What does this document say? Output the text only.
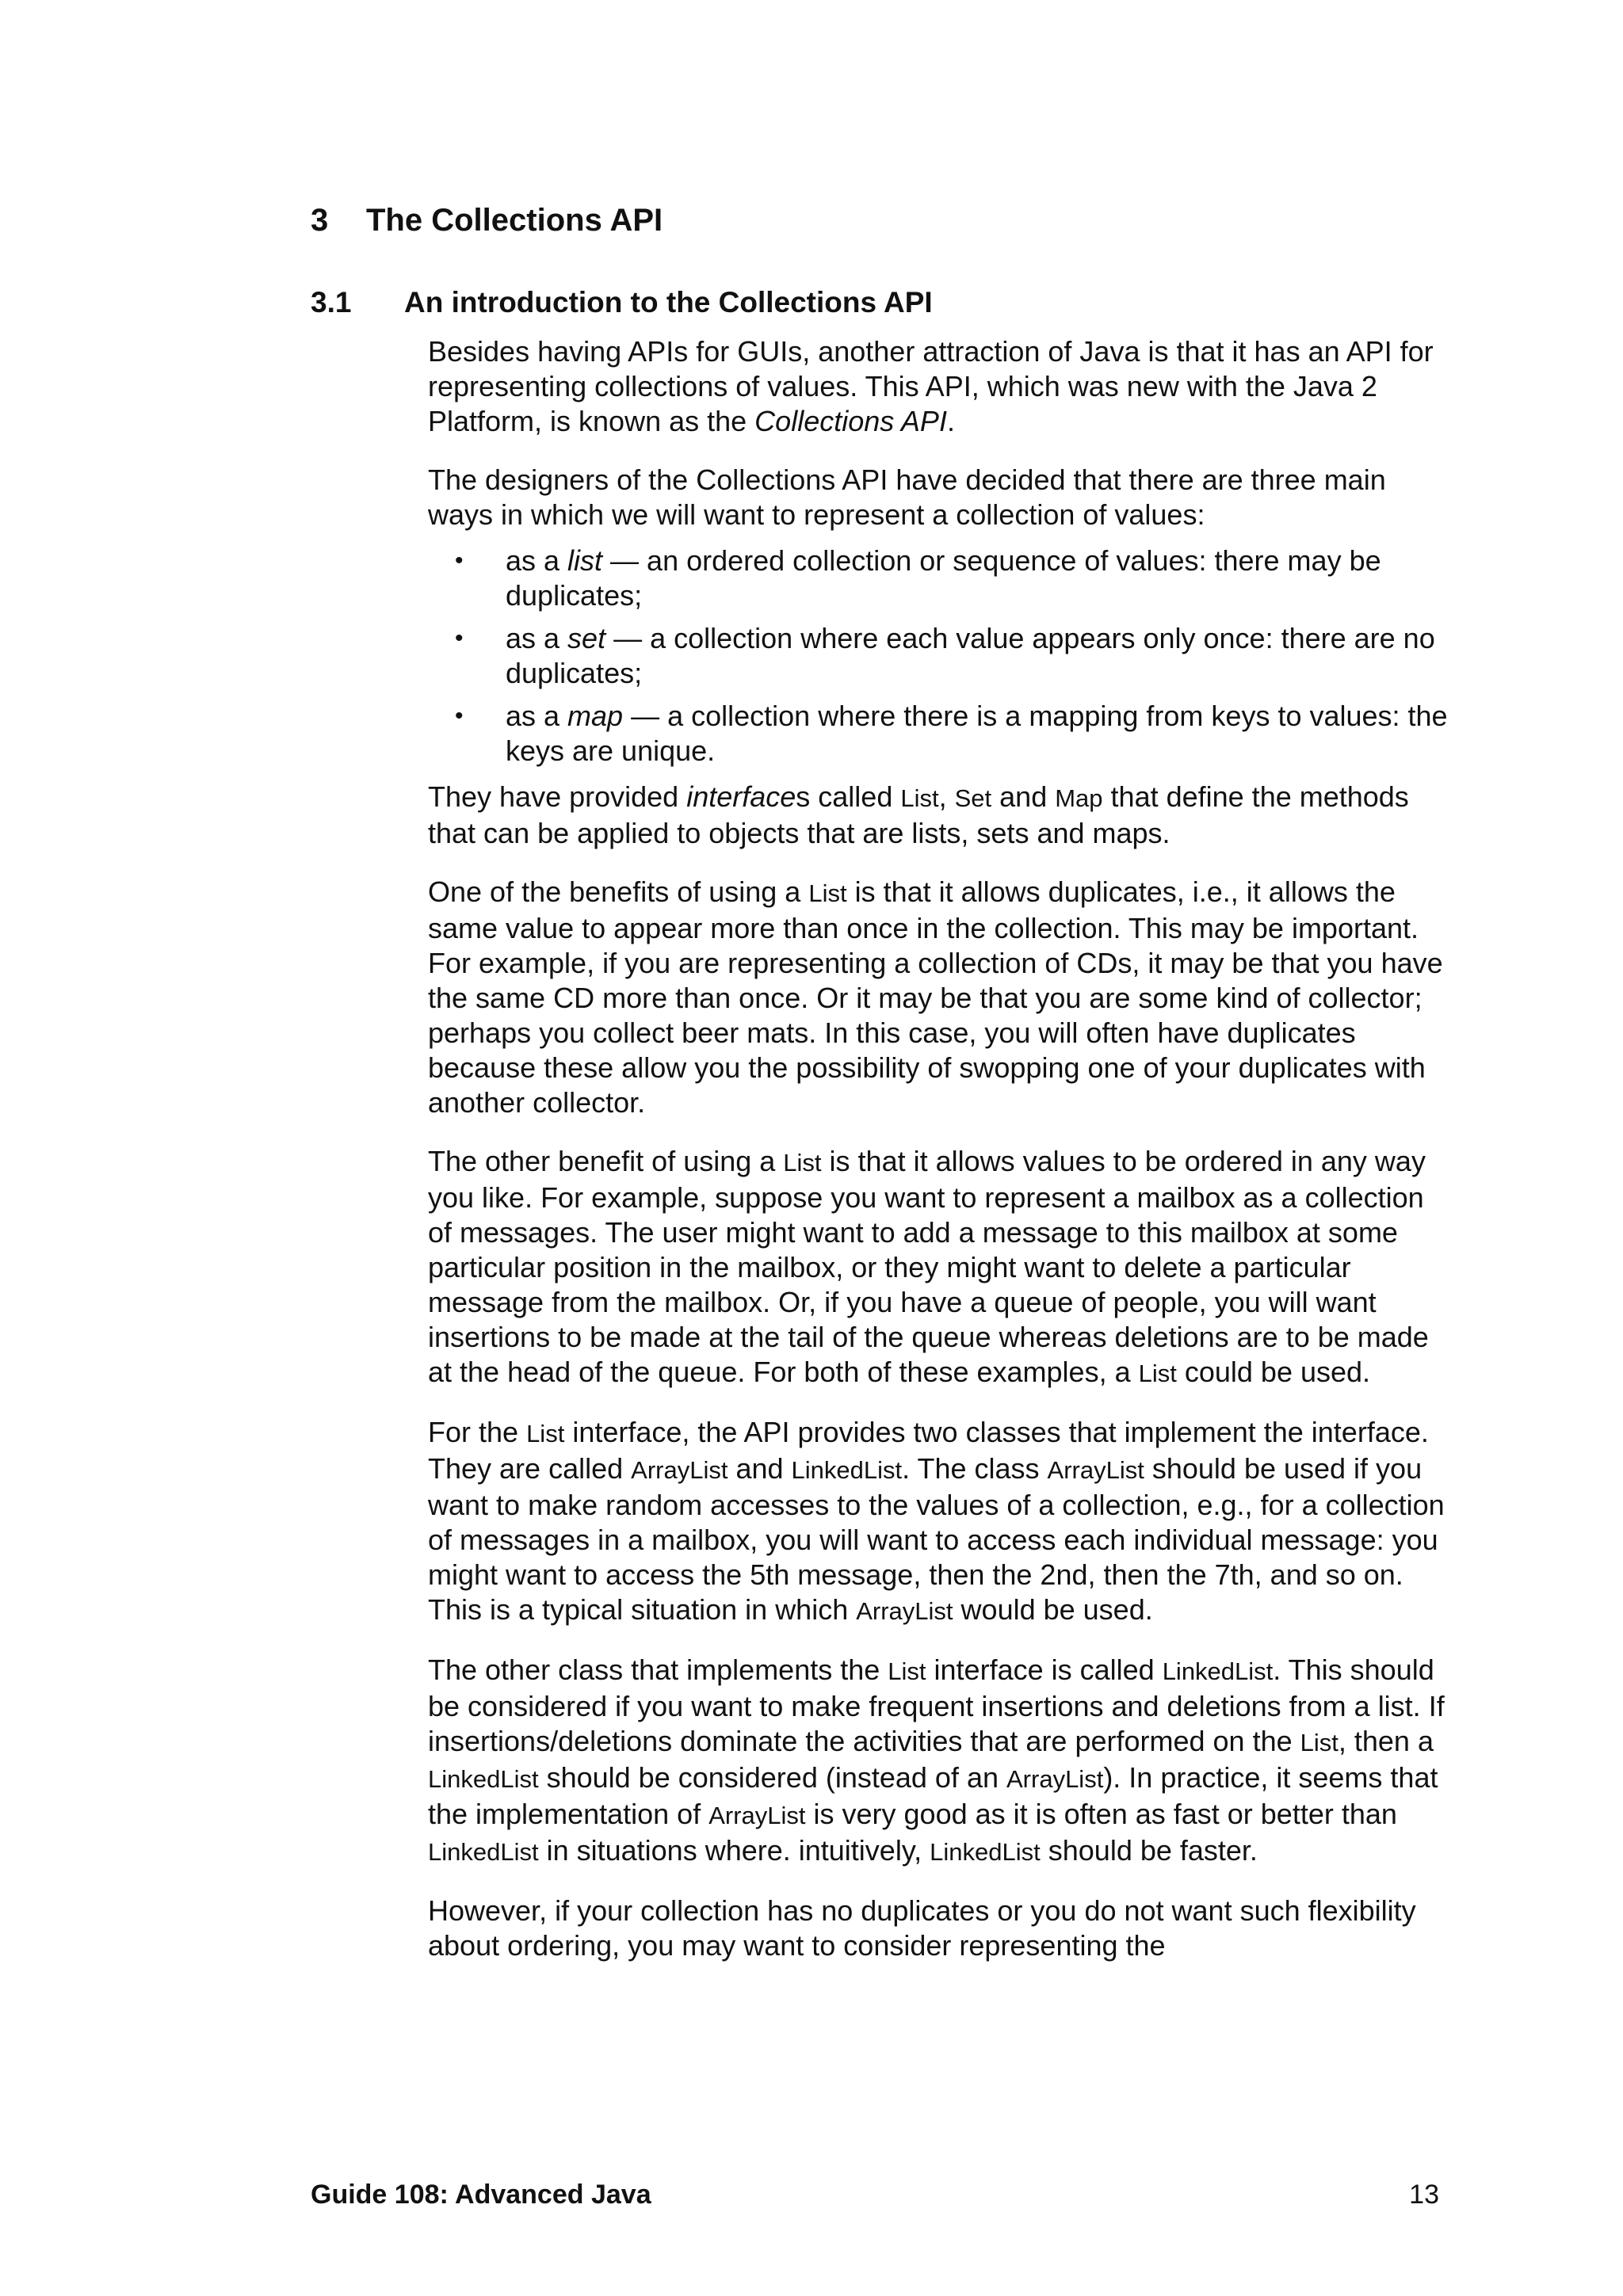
3 The Collections API
3.1 An introduction to the Collections API

Besides having APIs for GUIs, another attraction of Java is that it has an API for representing collections of values. This API, which was new with the Java 2 Platform, is known as the Collections API.

The designers of the Collections API have decided that there are three main ways in which we will want to represent a collection of values:

• as a list — an ordered collection or sequence of values: there may be duplicates;
• as a set — a collection where each value appears only once: there are no duplicates;
• as a map — a collection where there is a mapping from keys to values: the keys are unique.

They have provided interfaces called List, Set and Map that define the methods that can be applied to objects that are lists, sets and maps.

One of the benefits of using a List is that it allows duplicates, i.e., it allows the same value to appear more than once in the collection. This may be important. For example, if you are representing a collection of CDs, it may be that you have the same CD more than once. Or it may be that you are some kind of collector; perhaps you collect beer mats. In this case, you will often have duplicates because these allow you the possibility of swopping one of your duplicates with another collector.

The other benefit of using a List is that it allows values to be ordered in any way you like. For example, suppose you want to represent a mailbox as a collection of messages. The user might want to add a message to this mailbox at some particular position in the mailbox, or they might want to delete a particular message from the mailbox. Or, if you have a queue of people, you will want insertions to be made at the tail of the queue whereas deletions are to be made at the head of the queue. For both of these examples, a List could be used.

For the List interface, the API provides two classes that implement the interface. They are called ArrayList and LinkedList. The class ArrayList should be used if you want to make random accesses to the values of a collection, e.g., for a collection of messages in a mailbox, you will want to access each individual message: you might want to access the 5th message, then the 2nd, then the 7th, and so on. This is a typical situation in which ArrayList would be used.

The other class that implements the List interface is called LinkedList. This should be considered if you want to make frequent insertions and deletions from a list. If insertions/deletions dominate the activities that are performed on the List, then a LinkedList should be considered (instead of an ArrayList). In practice, it seems that the implementation of ArrayList is very good as it is often as fast or better than LinkedList in situations where. intuitively, LinkedList should be faster.

However, if your collection has no duplicates or you do not want such flexibility about ordering, you may want to consider representing the

Guide 108: Advanced Java	13
